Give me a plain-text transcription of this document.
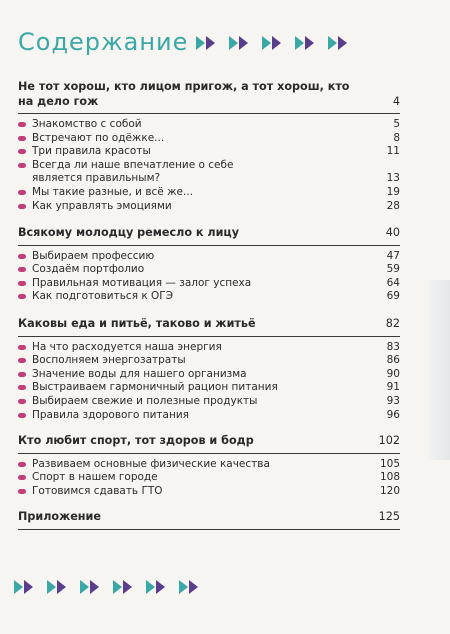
Содержание
Не тот хорош, кто лицом пригож, а тот хорош, кто на дело гож	4
Знакомство с собой	5
Встречают по одёжке...	8
Три правила красоты	11
Всегда ли наше впечатление о себе является правильным?	13
Мы такие разные, и всё же...	19
Как управлять эмоциями	28
Всякому молодцу ремесло к лицу	40
Выбираем профессию	47
Создаём портфолио	59
Правильная мотивация — залог успеха	64
Как подготовиться к ОГЭ	69
Каковы еда и питьё, таково и житьё	82
На что расходуется наша энергия	83
Восполняем энергозатраты	86
Значение воды для нашего организма	90
Выстраиваем гармоничный рацион питания	91
Выбираем свежие и полезные продукты	93
Правила здорового питания	96
Кто любит спорт, тот здоров и бодр	102
Развиваем основные физические качества	105
Спорт в нашем городе	108
Готовимся сдавать ГТО	120
Приложение	125
